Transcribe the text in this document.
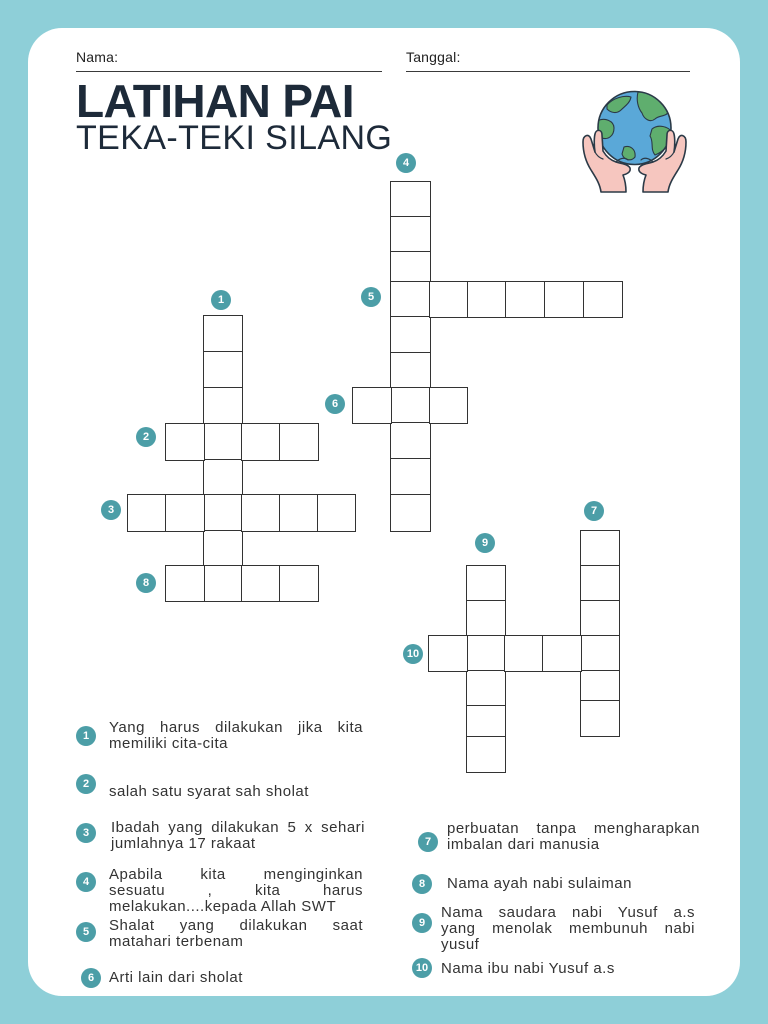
Nama:	Tanggal:
LATIHAN PAI
TEKA-TEKI SILANG
1
2
3
4
5
6
7
8
9
10
1	Yang harus dilakukan jika kita
memiliki cita-cita
2	salah satu syarat sah sholat
3	Ibadah yang dilakukan 5 x sehari
jumlahnya 17 rakaat
4	Apabila kita menginginkan
sesuatu , kita harus
melakukan....kepada Allah SWT
5	Shalat yang dilakukan saat
matahari terbenam
6 Arti lain dari sholat
7
perbuatan tanpa mengharapkan
imbalan dari manusia
8	Nama ayah nabi sulaiman
9
Nama saudara nabi Yusuf a.s
yang menolak membunuh nabi
yusuf
10 Nama ibu nabi Yusuf a.s
